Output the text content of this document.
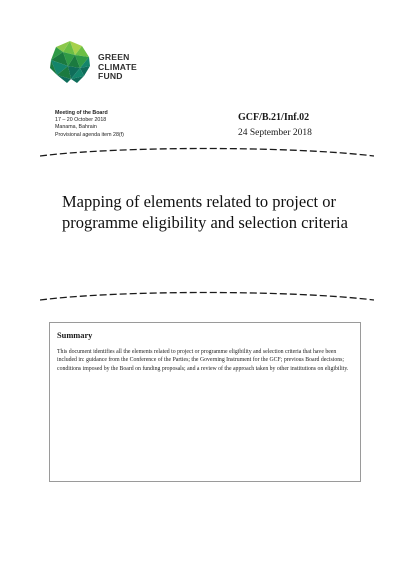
GREEN
CLIMATE
FUND
Meeting of the Board
17 – 20 October 2018
Manama, Bahrain
Provisional agenda item 28(f)
GCF/B.21/Inf.02
24 September 2018
Mapping of elements related to project or programme eligibility and selection criteria
Summary
This document identifies all the elements related to project or programme eligibility and selection criteria that have been included in: guidance from the Conference of the Parties; the Governing Instrument for the GCF; previous Board decisions; conditions imposed by the Board on funding proposals; and a review of the approach taken by other institutions on eligibility.
